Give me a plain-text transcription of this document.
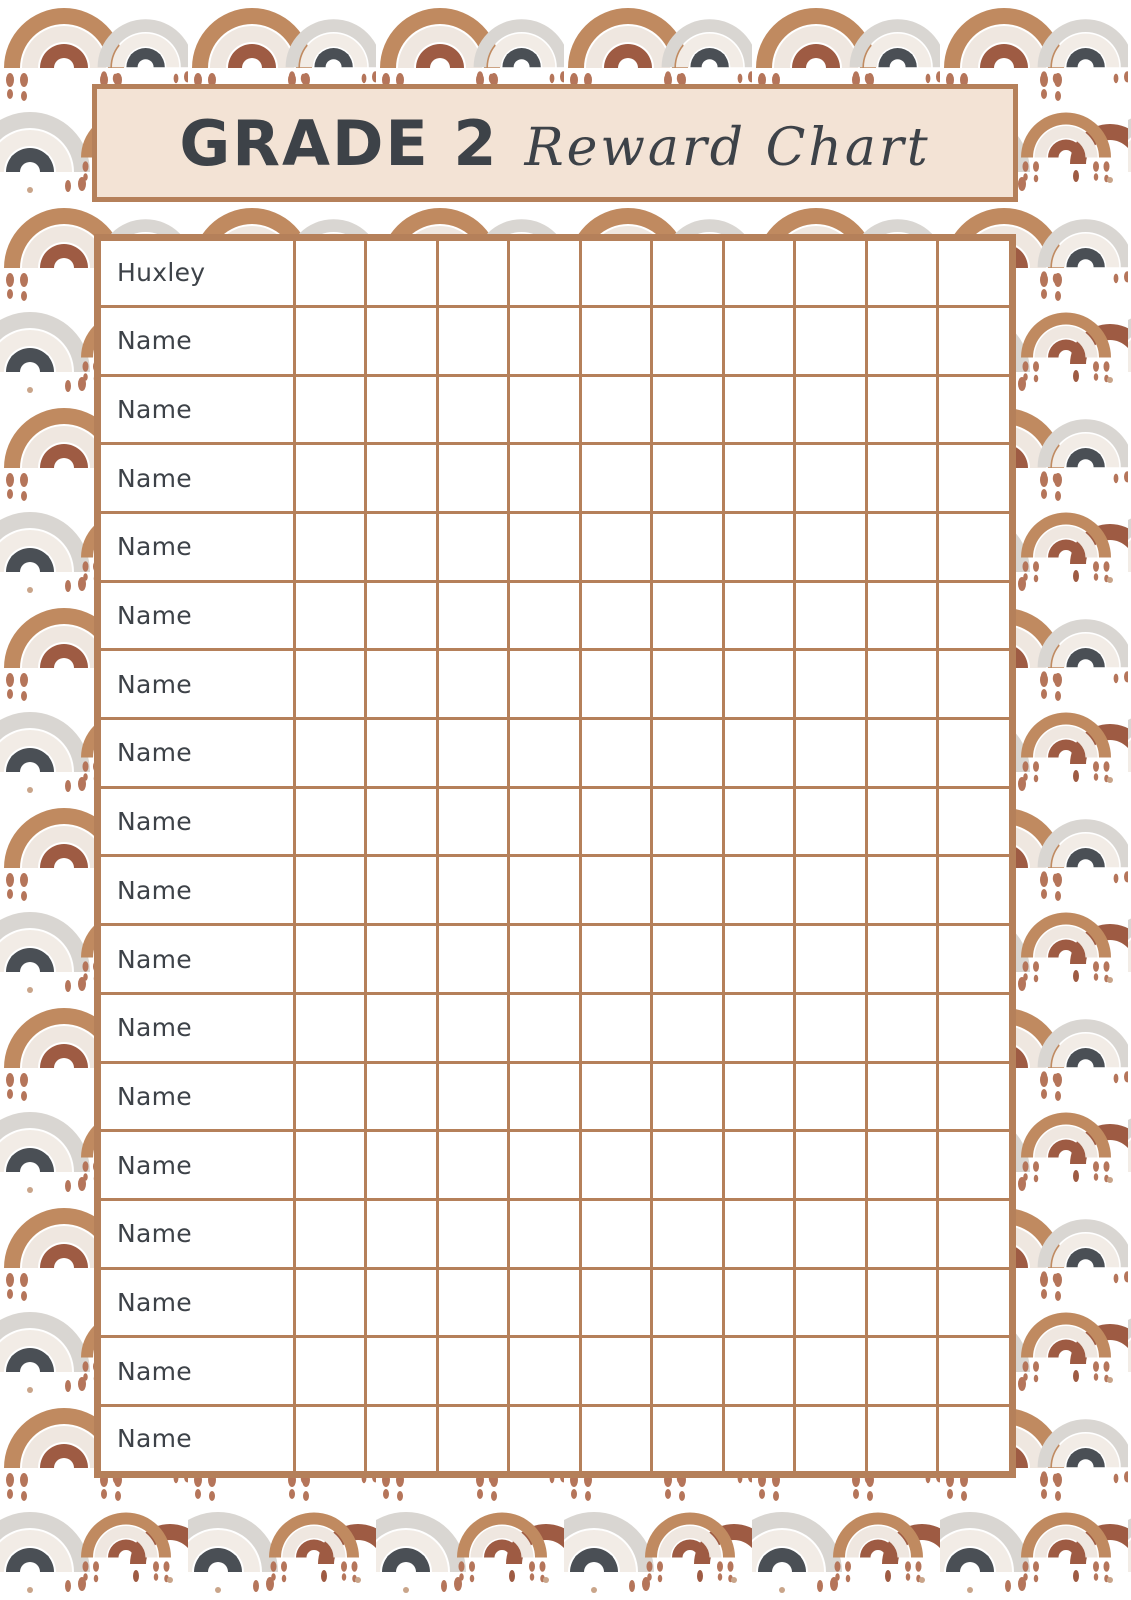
GRADE 2 Reward Chart
Huxley										
Name										
Name										
Name										
Name										
Name										
Name										
Name										
Name										
Name										
Name										
Name										
Name										
Name										
Name										
Name										
Name										
Name										
